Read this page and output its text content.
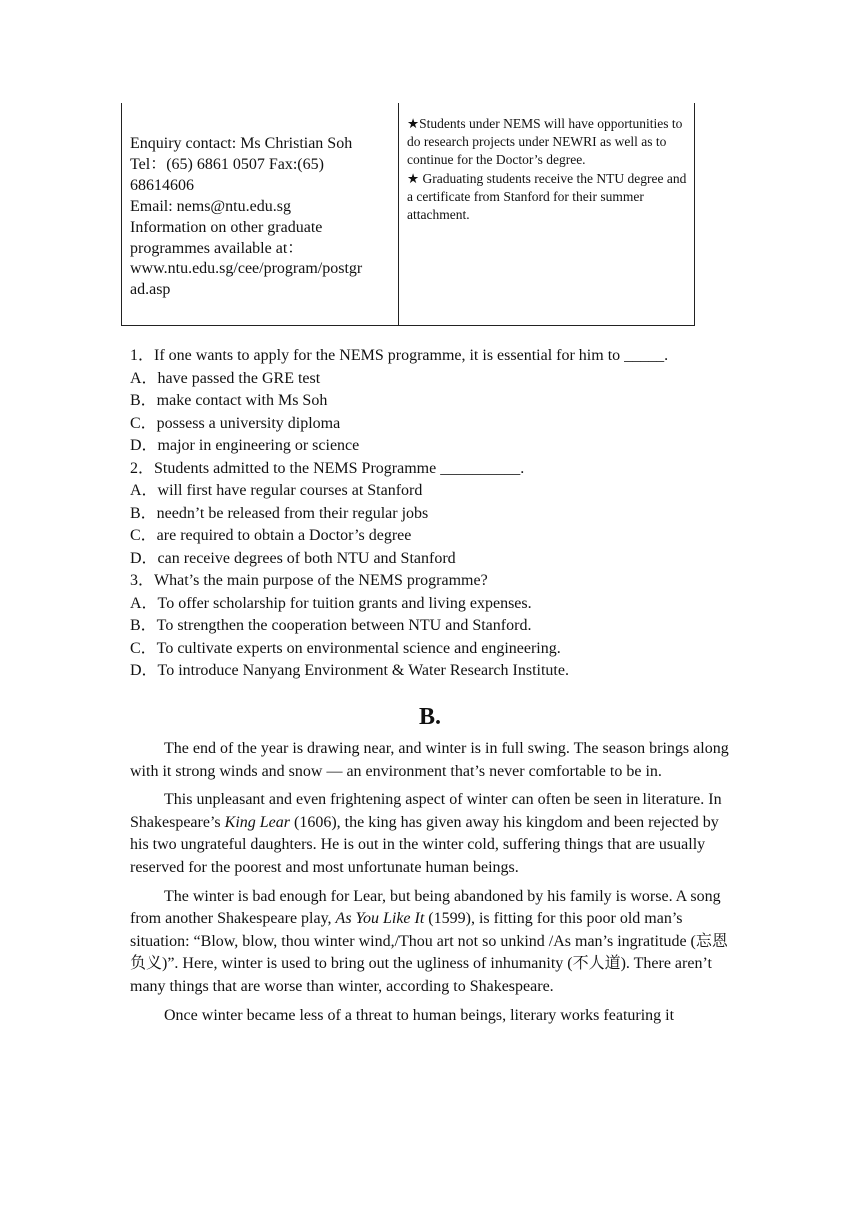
Enquiry contact: Ms Christian Soh
Tel：(65) 6861 0507 Fax:(65)
68614606
Email: nems@ntu.edu.sg
Information on other graduate
programmes available at：
www.ntu.edu.sg/cee/program/postgr
ad.asp

★Students under NEMS will have opportunities to do research projects under NEWRI as well as to continue for the Doctor’s degree.

★ Graduating students receive the NTU degree and a certificate from Stanford for their summer attachment.

1．If one wants to apply for the NEMS programme, it is essential for him to _____.
A．have passed the GRE test
B．make contact with Ms Soh
C．possess a university diploma
D．major in engineering or science
2．Students admitted to the NEMS Programme __________.
A．will first have regular courses at Stanford
B．needn’t be released from their regular jobs
C．are required to obtain a Doctor’s degree
D．can receive degrees of both NTU and Stanford
3．What’s the main purpose of the NEMS programme?
A．To offer scholarship for tuition grants and living expenses.
B．To strengthen the cooperation between NTU and Stanford.
C．To cultivate experts on environmental science and engineering.
D．To introduce Nanyang Environment & Water Research Institute.
B.

The end of the year is drawing near, and winter is in full swing. The season brings along with it strong winds and snow — an environment that’s never comfortable to be in.

This unpleasant and even frightening aspect of winter can often be seen in literature. In Shakespeare’s King Lear (1606), the king has given away his kingdom and been rejected by his two ungrateful daughters. He is out in the winter cold, suffering things that are usually reserved for the poorest and most unfortunate human beings.

The winter is bad enough for Lear, but being abandoned by his family is worse. A song from another Shakespeare play, As You Like It (1599), is fitting for this poor old man’s situation: “Blow, blow, thou winter wind,/Thou art not so unkind /As man’s ingratitude (忘恩负义)”. Here, winter is used to bring out the ugliness of inhumanity (不人道). There aren’t many things that are worse than winter, according to Shakespeare.

Once winter became less of a threat to human beings, literary works featuring it
